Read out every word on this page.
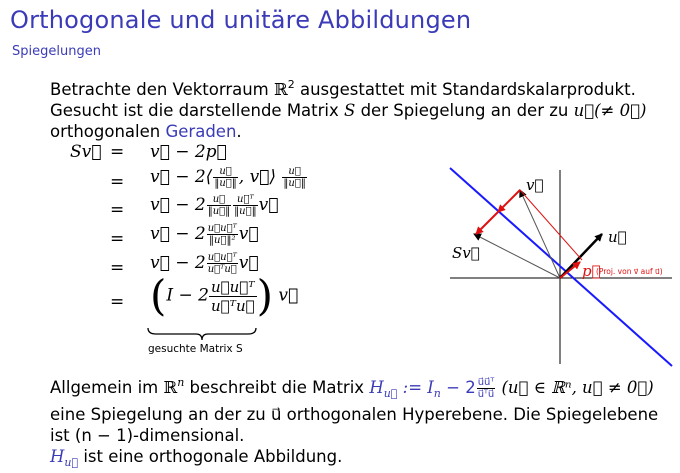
Orthogonale und unitäre Abbildungen
Spiegelungen
Betrachte den Vektorraum ℝ$^2$ ausgestattet mit Standardskalarprodukt.
Gesucht ist die darstellende Matrix S der Spiegelung an der zu u⃗(≠ 0⃗)
orthogonalen Geraden.
Sv⃗ = v⃗ − 2p⃗
= v⃗ − 2⟨ $\frac{u⃗}{‖u⃗‖}$ , v⃗⟩ $\frac{u⃗}{‖u⃗‖}$
= v⃗ − $2 \frac{u⃗}{‖u⃗‖} \frac{\text{u⃗ᵀ}}{‖u⃗‖}$ v⃗
= v⃗ − $2 \frac{\text{u⃗u⃗ᵀ}}{\text{‖u⃗‖²}}$ v⃗
= v⃗ − $2 \frac{\text{u⃗u⃗ᵀ}}{\text{u⃗ᵀu⃗}}$ v⃗
= ($I - 2 \frac{\text{u⃗u⃗ᵀ}}{\text{u⃗ᵀu⃗}}$ ) v⃗
gesuchte Matrix S
v⃗
u⃗
Sv⃗
p⃗
(Proj. von v⃗ auf u⃗)
Allgemein im ℝ$^n$ beschreibt die Matrix $H_{u⃗}$ := $I_n - 2 \frac{\text{u⃗u⃗ᵀ}}{\text{u⃗ᵀu⃗}}$ (u⃗ ∈ ℝⁿ, u⃗ ≠ 0⃗)
eine Spiegelung an der zu u⃗ orthogonalen Hyperebene. Die Spiegelebene
ist (n − 1)-dimensional.
$H_{u⃗}$ ist eine orthogonale Abbildung.
